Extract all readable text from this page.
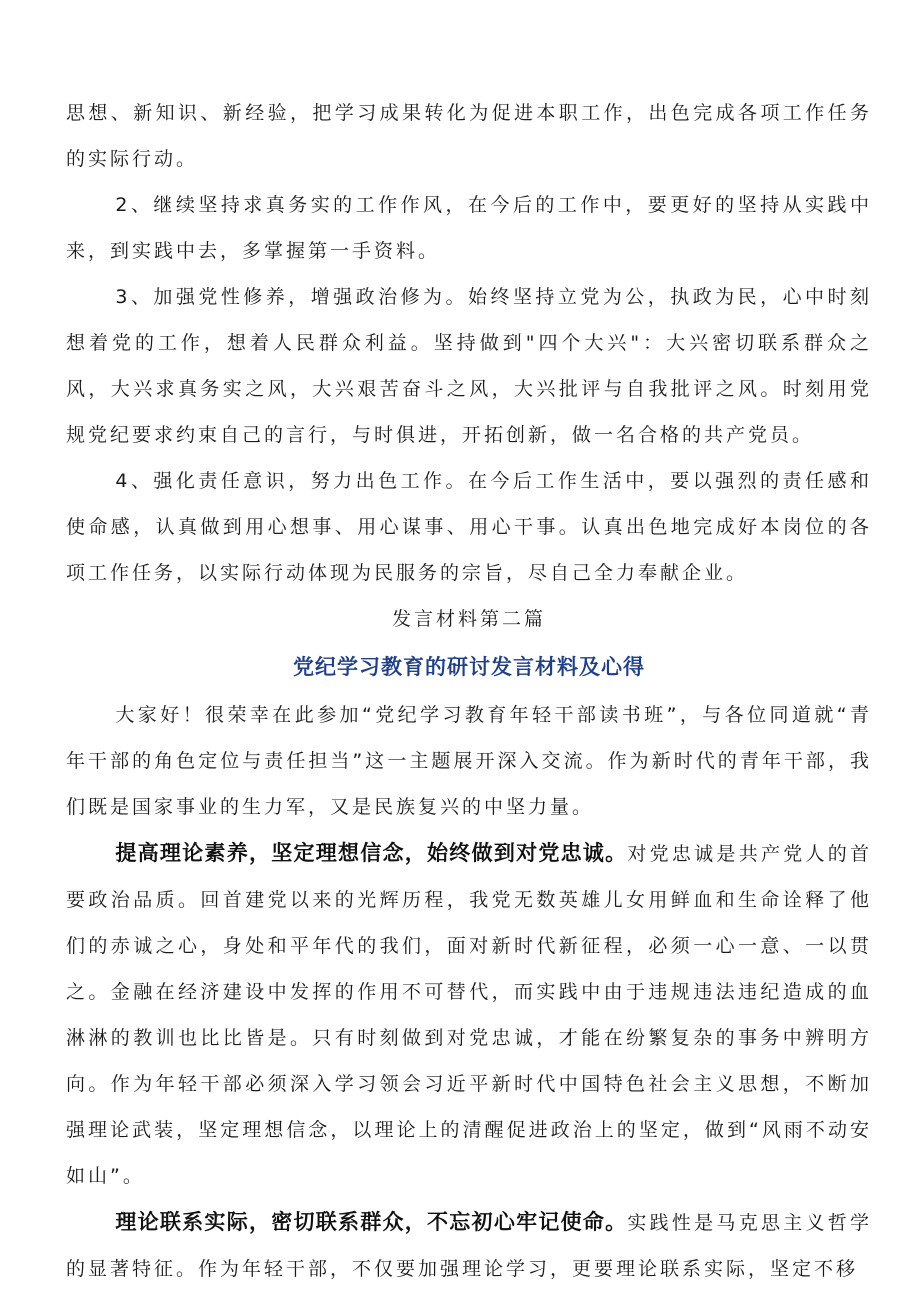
思想、新知识、新经验，把学习成果转化为促进本职工作，出色完成各项工作任务的实际行动。

2、继续坚持求真务实的工作作风，在今后的工作中，要更好的坚持从实践中来，到实践中去，多掌握第一手资料。

3、加强党性修养，增强政治修为。始终坚持立党为公，执政为民，心中时刻想着党的工作，想着人民群众利益。坚持做到"四个大兴"：大兴密切联系群众之风，大兴求真务实之风，大兴艰苦奋斗之风，大兴批评与自我批评之风。时刻用党规党纪要求约束自己的言行，与时俱进，开拓创新，做一名合格的共产党员。

4、强化责任意识，努力出色工作。在今后工作生活中，要以强烈的责任感和使命感，认真做到用心想事、用心谋事、用心干事。认真出色地完成好本岗位的各项工作任务，以实际行动体现为民服务的宗旨，尽自己全力奉献企业。

发言材料第二篇

党纪学习教育的研讨发言材料及心得

大家好！很荣幸在此参加“党纪学习教育年轻干部读书班”，与各位同道就“青年干部的角色定位与责任担当”这一主题展开深入交流。作为新时代的青年干部，我们既是国家事业的生力军，又是民族复兴的中坚力量。

提高理论素养，坚定理想信念，始终做到对党忠诚。对党忠诚是共产党人的首要政治品质。回首建党以来的光辉历程，我党无数英雄儿女用鲜血和生命诠释了他们的赤诚之心，身处和平年代的我们，面对新时代新征程，必须一心一意、一以贯之。金融在经济建设中发挥的作用不可替代，而实践中由于违规违法违纪造成的血淋淋的教训也比比皆是。只有时刻做到对党忠诚，才能在纷繁复杂的事务中辨明方向。作为年轻干部必须深入学习领会习近平新时代中国特色社会主义思想，不断加强理论武装，坚定理想信念，以理论上的清醒促进政治上的坚定，做到“风雨不动安如山”。

理论联系实际，密切联系群众，不忘初心牢记使命。实践性是马克思主义哲学的显著特征。作为年轻干部，不仅要加强理论学习，更要理论联系实际，坚定不移
